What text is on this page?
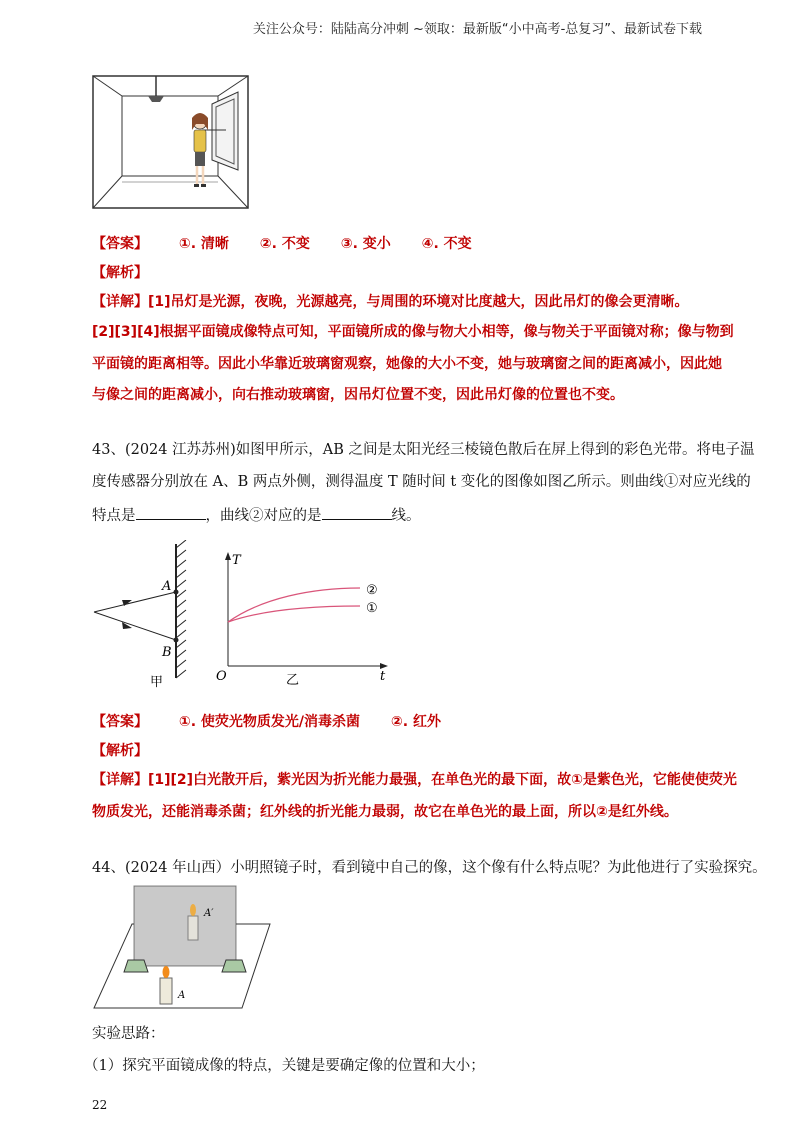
关注公众号：陆陆高分冲刺 ~领取：最新版“小中高考-总复习”、最新试卷下载
【答案】 ①. 清晰 ②. 不变 ③. 变小 ④. 不变
【解析】
【详解】[1]吊灯是光源，夜晚，光源越亮，与周围的环境对比度越大，因此吊灯的像会更清晰。
[2][3][4]根据平面镜成像特点可知，平面镜所成的像与物大小相等，像与物关于平面镜对称；像与物到
平面镜的距离相等。因此小华靠近玻璃窗观察，她像的大小不变，她与玻璃窗之间的距离减小，因此她
与像之间的距离减小，向右推动玻璃窗，因吊灯位置不变，因此吊灯像的位置也不变。
43、(2024 江苏苏州)如图甲所示，AB 之间是太阳光经三棱镜色散后在屏上得到的彩色光带。将电子温
度传感器分别放在 A、B 两点外侧，测得温度 T 随时间 t 变化的图像如图乙所示。则曲线①对应光线的
特点是	，曲线②对应的是	线。
A
B
甲
T
O	t
乙
②
①
【答案】 ①. 使荧光物质发光/消毒杀菌 ②. 红外
【解析】
【详解】[1][2]白光散开后，紫光因为折光能力最强，在单色光的最下面，故①是紫色光，它能使使荧光
物质发光，还能消毒杀菌；红外线的折光能力最弱，故它在单色光的最上面，所以②是红外线。
44、(2024 年山西）小明照镜子时，看到镜中自己的像，这个像有什么特点呢？为此他进行了实验探究。
A′
A
实验思路：
（1）探究平面镜成像的特点，关键是要确定像的位置和大小；
22
